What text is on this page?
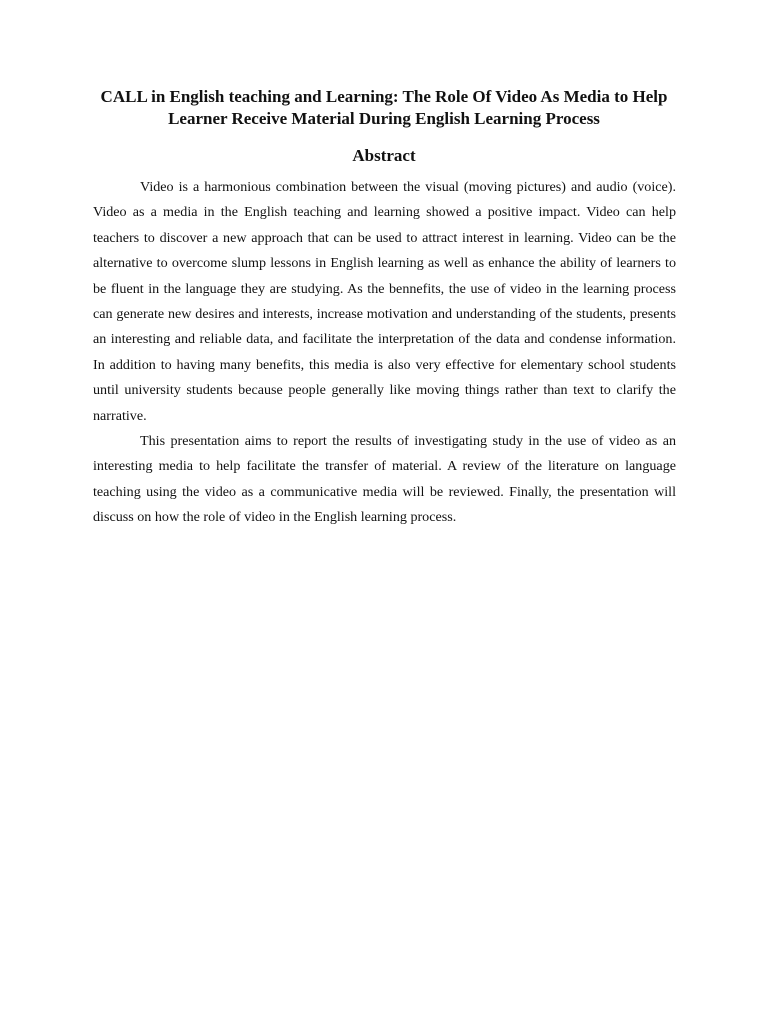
CALL in English teaching and Learning: The Role Of Video As Media to Help
Learner Receive Material During English Learning Process
Abstract

Video is a harmonious combination between the visual (moving pictures) and audio (voice). Video as a media in the English teaching and learning showed a positive impact. Video can help teachers to discover a new approach that can be used to attract interest in learning. Video can be the alternative to overcome slump lessons in English learning as well as enhance the ability of learners to be fluent in the language they are studying. As the bennefits, the use of video in the learning process can generate new desires and interests, increase motivation and understanding of the students, presents an interesting and reliable data, and facilitate the interpretation of the data and condense information. In addition to having many benefits, this media is also very effective for elementary school students until university students because people generally like moving things rather than text to clarify the narrative.

This presentation aims to report the results of investigating study in the use of video as an interesting media to help facilitate the transfer of material. A review of the literature on language teaching using the video as a communicative media will be reviewed. Finally, the presentation will discuss on how the role of video in the English learning process.
